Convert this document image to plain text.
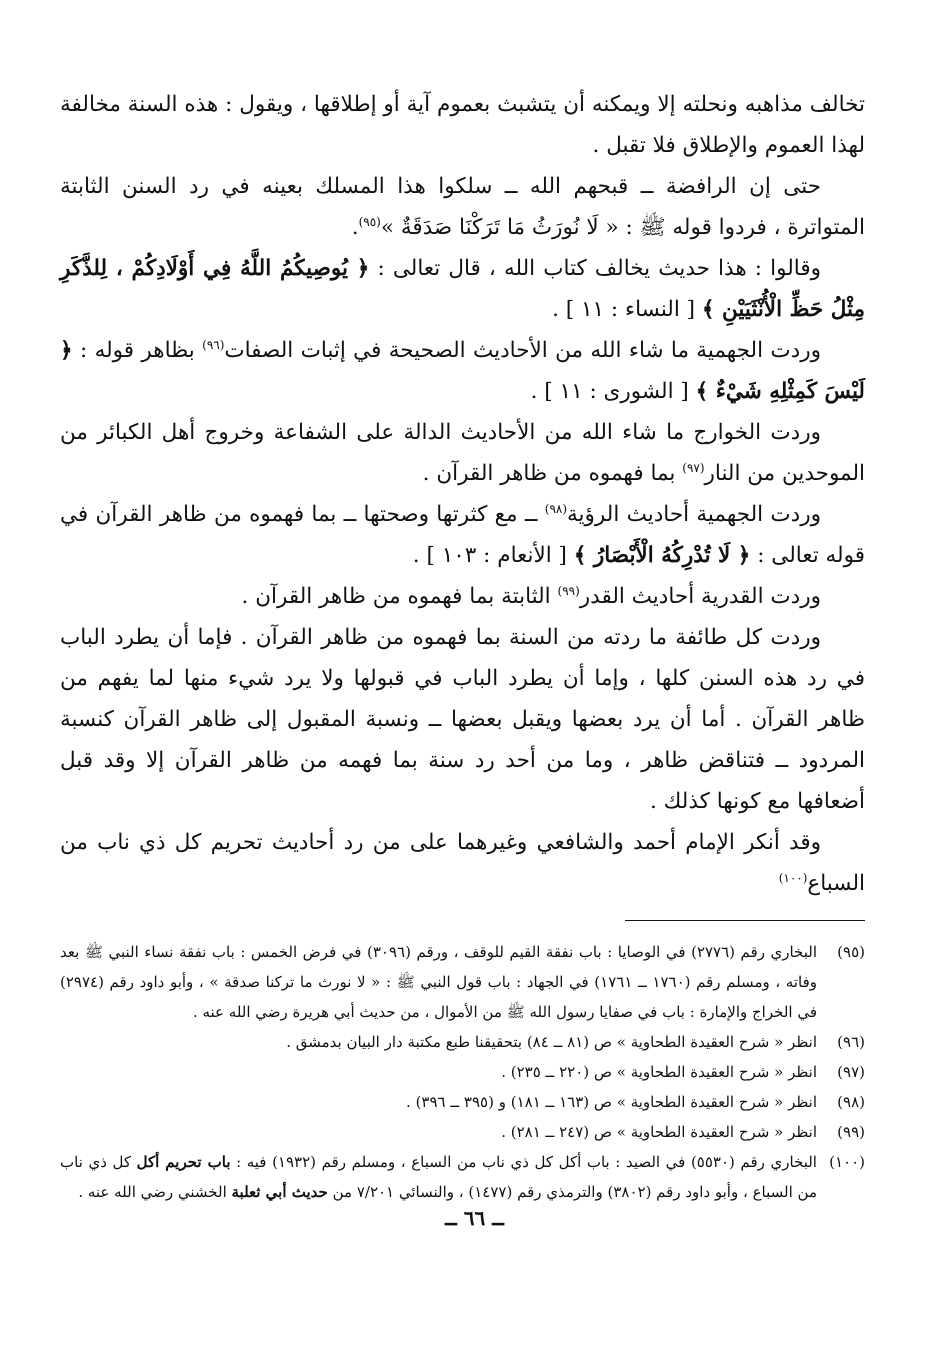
تخالف مذاهبه ونحلته إلا ويمكنه أن يتشبث بعموم آية أو إطلاقها ، ويقول : هذه السنة مخالفة لهذا العموم والإطلاق فلا تقبل .

حتى إن الرافضة ــ قبحهم الله ــ سلكوا هذا المسلك بعينه في رد السنن الثابتة المتواترة ، فردوا قوله ﷺ : « لَا نُورَثُ مَا تَرَكْنَا صَدَقَةٌ »$^{(٩٥)}$.

وقالوا : هذا حديث يخالف كتاب الله ، قال تعالى : ﴿ يُوصِيكُمُ اللَّهُ فِي أَوْلَادِكُمْ ، لِلذَّكَرِ مِثْلُ حَظِّ الْأُنْثَيَيْنِ ﴾ [ النساء : ١١ ] .

وردت الجهمية ما شاء الله من الأحاديث الصحيحة في إثبات الصفات$^{(٩٦)}$ بظاهر قوله : ﴿ لَيْسَ كَمِثْلِهِ شَيْءٌ ﴾ [ الشورى : ١١ ] .

وردت الخوارج ما شاء الله من الأحاديث الدالة على الشفاعة وخروج أهل الكبائر من الموحدين من النار$^{(٩٧)}$ بما فهموه من ظاهر القرآن .

وردت الجهمية أحاديث الرؤية$^{(٩٨)}$ ــ مع كثرتها وصحتها ــ بما فهموه من ظاهر القرآن في قوله تعالى : ﴿ لَا تُدْرِكُهُ الْأَبْصَارُ ﴾ [ الأنعام : ١٠٣ ] .

وردت القدرية أحاديث القدر$^{(٩٩)}$ الثابتة بما فهموه من ظاهر القرآن .

وردت كل طائفة ما ردته من السنة بما فهموه من ظاهر القرآن . فإما أن يطرد الباب في رد هذه السنن كلها ، وإما أن يطرد الباب في قبولها ولا يرد شيء منها لما يفهم من ظاهر القرآن . أما أن يرد بعضها ويقبل بعضها ــ ونسبة المقبول إلى ظاهر القرآن كنسبة المردود ــ فتناقض ظاهر ، وما من أحد رد سنة بما فهمه من ظاهر القرآن إلا وقد قبل أضعافها مع كونها كذلك .

وقد أنكر الإمام أحمد والشافعي وغيرهما على من رد أحاديث تحريم كل ذي ناب من السباع$^{(١٠٠)}$

(٩٥)
البخاري رقم (٢٧٧٦) في الوصايا : باب نفقة القيم للوقف ، ورقم (٣٠٩٦) في فرض الخمس : باب نفقة نساء النبي ﷺ بعد وفاته ، ومسلم رقم (١٧٦٠ ــ ١٧٦١) في الجهاد : باب قول النبي ﷺ : « لا نورث ما تركنا صدقة » ، وأبو داود رقم (٢٩٧٤) في الخراج والإمارة : باب في صفايا رسول الله ﷺ من الأموال ، من حديث أبي هريرة رضي الله عنه .
(٩٦)
انظر « شرح العقيدة الطحاوية » ص (٨١ ــ ٨٤) بتحقيقنا طبع مكتبة دار البيان بدمشق .
(٩٧)
انظر « شرح العقيدة الطحاوية » ص (٢٢٠ ــ ٢٣٥) .
(٩٨)
انظر « شرح العقيدة الطحاوية » ص (١٦٣ ــ ١٨١) و (٣٩٥ ــ ٣٩٦) .
(٩٩)
انظر « شرح العقيدة الطحاوية » ص (٢٤٧ ــ ٢٨١) .
(١٠٠)
البخاري رقم (٥٥٣٠) في الصيد : باب أكل كل ذي ناب من السباع ، ومسلم رقم (١٩٣٢) فيه : باب تحريم أكل كل ذي ناب من السباع ، وأبو داود رقم (٣٨٠٢) والترمذي رقم (١٤٧٧) ، والنسائي ٧/٢٠١ من حديث أبي ثعلبة الخشني رضي الله عنه .
ــ ٦٦ ــ
